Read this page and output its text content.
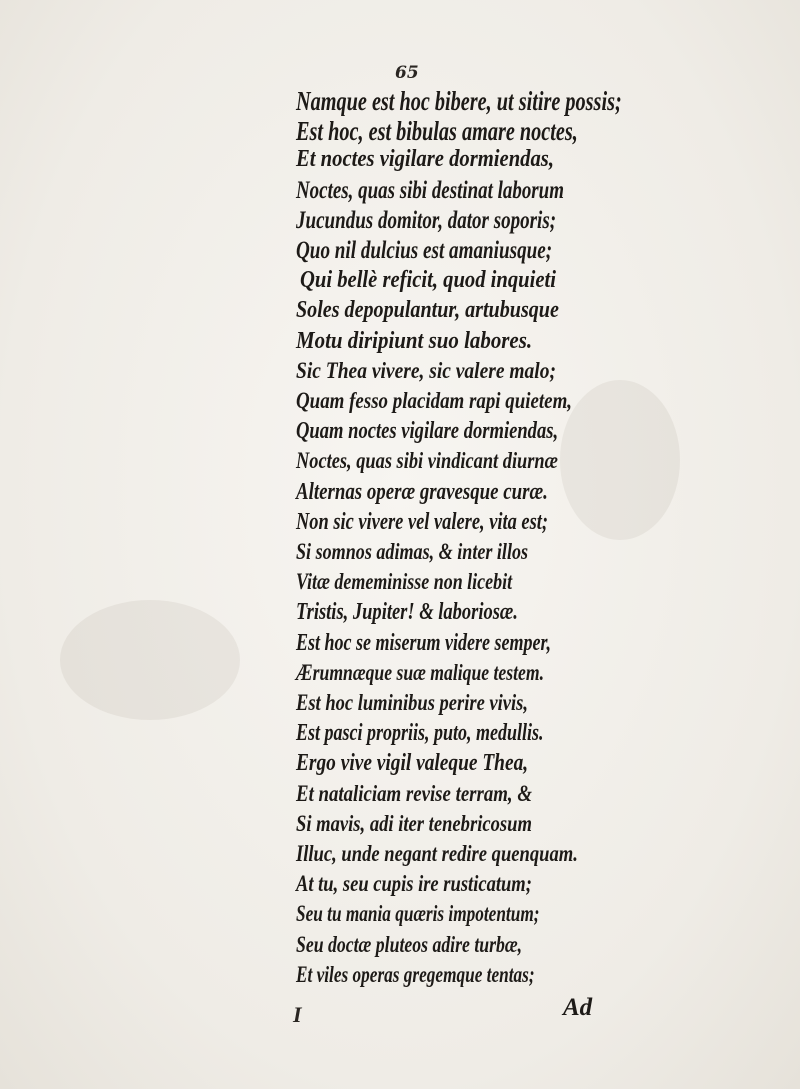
65
Namque est hoc bibere, ut sitire possis;
Est hoc, est bibulas amare noctes,
Et noctes vigilare dormiendas,
Noctes, quas sibi destinat laborum
Jucundus domitor, dator soporis;
Quo nil dulcius est amaniusque;
Qui bellè reficit, quod inquieti
Soles depopulantur, artubusque
Motu diripiunt suo labores.
Sic Thea vivere, sic valere malo;
Quam fesso placidam rapi quietem,
Quam noctes vigilare dormiendas,
Noctes, quas sibi vindicant diurnæ
Alternas operæ gravesque curæ.
Non sic vivere vel valere, vita est;
Si somnos adimas, & inter illos
Vitæ dememinisse non licebit
Tristis, Jupiter! & laboriosæ.
Est hoc se miserum videre semper,
Ærumnæque suæ malique testem.
Est hoc luminibus perire vivis,
Est pasci propriis, puto, medullis.
Ergo vive vigil valeque Thea,
Et nataliciam revise terram, &
Si mavis, adi iter tenebricosum
Illuc, unde negant redire quenquam.
At tu, seu cupis ire rusticatum;
Seu tu mania quæris impotentum;
Seu doctæ pluteos adire turbæ,
Et viles operas gregemque tentas;
I	Ad
